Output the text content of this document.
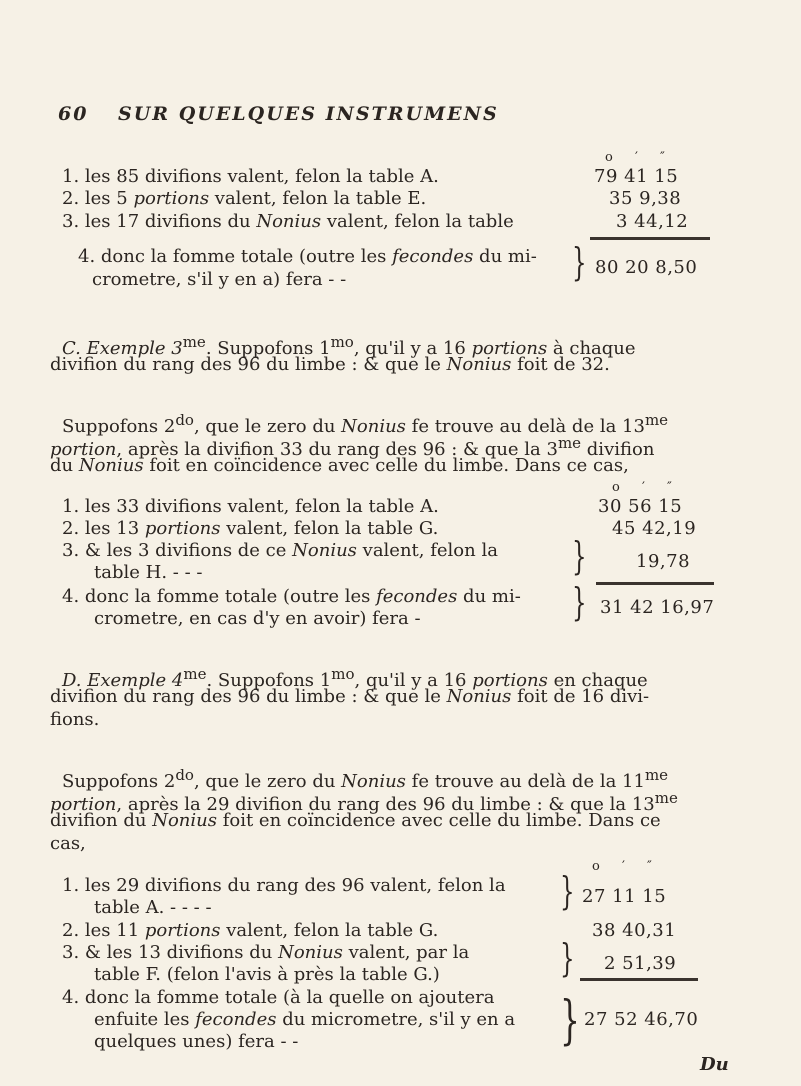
60 SUR QUELQUES INSTRUMENS
o ′ ″
1. les 85 divifions valent, felon la table A.	79 41 15
2. les 5 portions valent, felon la table E.	35 9,38
3. les 17 divifions du Nonius valent, felon la table	3 44,12
4. donc la fomme totale (outre les fecondes du mi-
crometre, s'il y en a) fera - -	} 80 20 8,50
C. Exemple $3^{me}$. Suppofons $1^{mo}$, qu'il y a 16 portions à chaque
divifion du rang des 96 du limbe : & que le Nonius foit de 32.
Suppofons $2^{do}$, que le zero du Nonius fe trouve au delà de la $13^{me}$
portion, après la divifion 33 du rang des 96 : & que la $3^{me}$ divifion
du Nonius foit en coïncidence avec celle du limbe. Dans ce cas,
o ′ ″
1. les 33 divifions valent, felon la table A.	30 56 15
2. les 13 portions valent, felon la table G.	45 42,19
3. & les 3 divifions de ce Nonius valent, felon la
table H. - - -	}	19,78
4. donc la fomme totale (outre les fecondes du mi-
crometre, en cas d'y en avoir) fera -	} 31 42 16,97
D. Exemple $4^{me}$. Suppofons $1^{mo}$, qu'il y a 16 portions en chaque
divifion du rang des 96 du limbe : & que le Nonius foit de 16 divi-
fions.
Suppofons $2^{do}$, que le zero du Nonius fe trouve au delà de la $11^{me}$
portion, après la 29 divifion du rang des 96 du limbe : & que la $13^{me}$
divifion du Nonius foit en coïncidence avec celle du limbe. Dans ce
cas,
o ′ ″
1. les 29 divifions du rang des 96 valent, felon la
table A. - - - -	} 27 11 15
2. les 11 portions valent, felon la table G.	38 40,31
3. & les 13 divifions du Nonius valent, par la
table F. (felon l'avis à près la table G.)	} 2 51,39
4. donc la fomme totale (à la quelle on ajoutera
enfuite les fecondes du micrometre, s'il y en a
quelques unes) fera - -	} 27 52 46,70
Du
